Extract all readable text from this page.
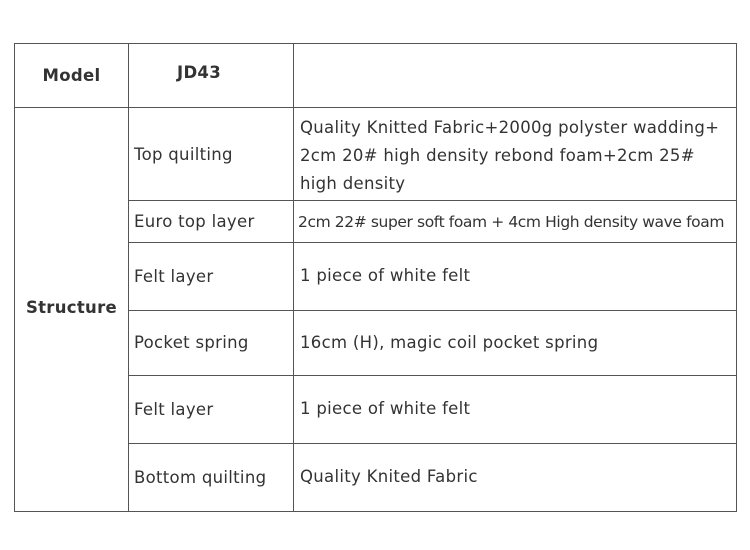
Model	JD43	
Structure	Top quilting	Quality Knitted Fabric+2000g polyster wadding+
2cm 20# high density rebond foam+2cm 25#
high density

	Euro top layer	2cm 22# super soft foam + 4cm High density wave foam
	Felt layer	1 piece of white felt
	Pocket spring	16cm (H), magic coil pocket spring
	Felt layer	1 piece of white felt
	Bottom quilting	Quality Knited Fabric
